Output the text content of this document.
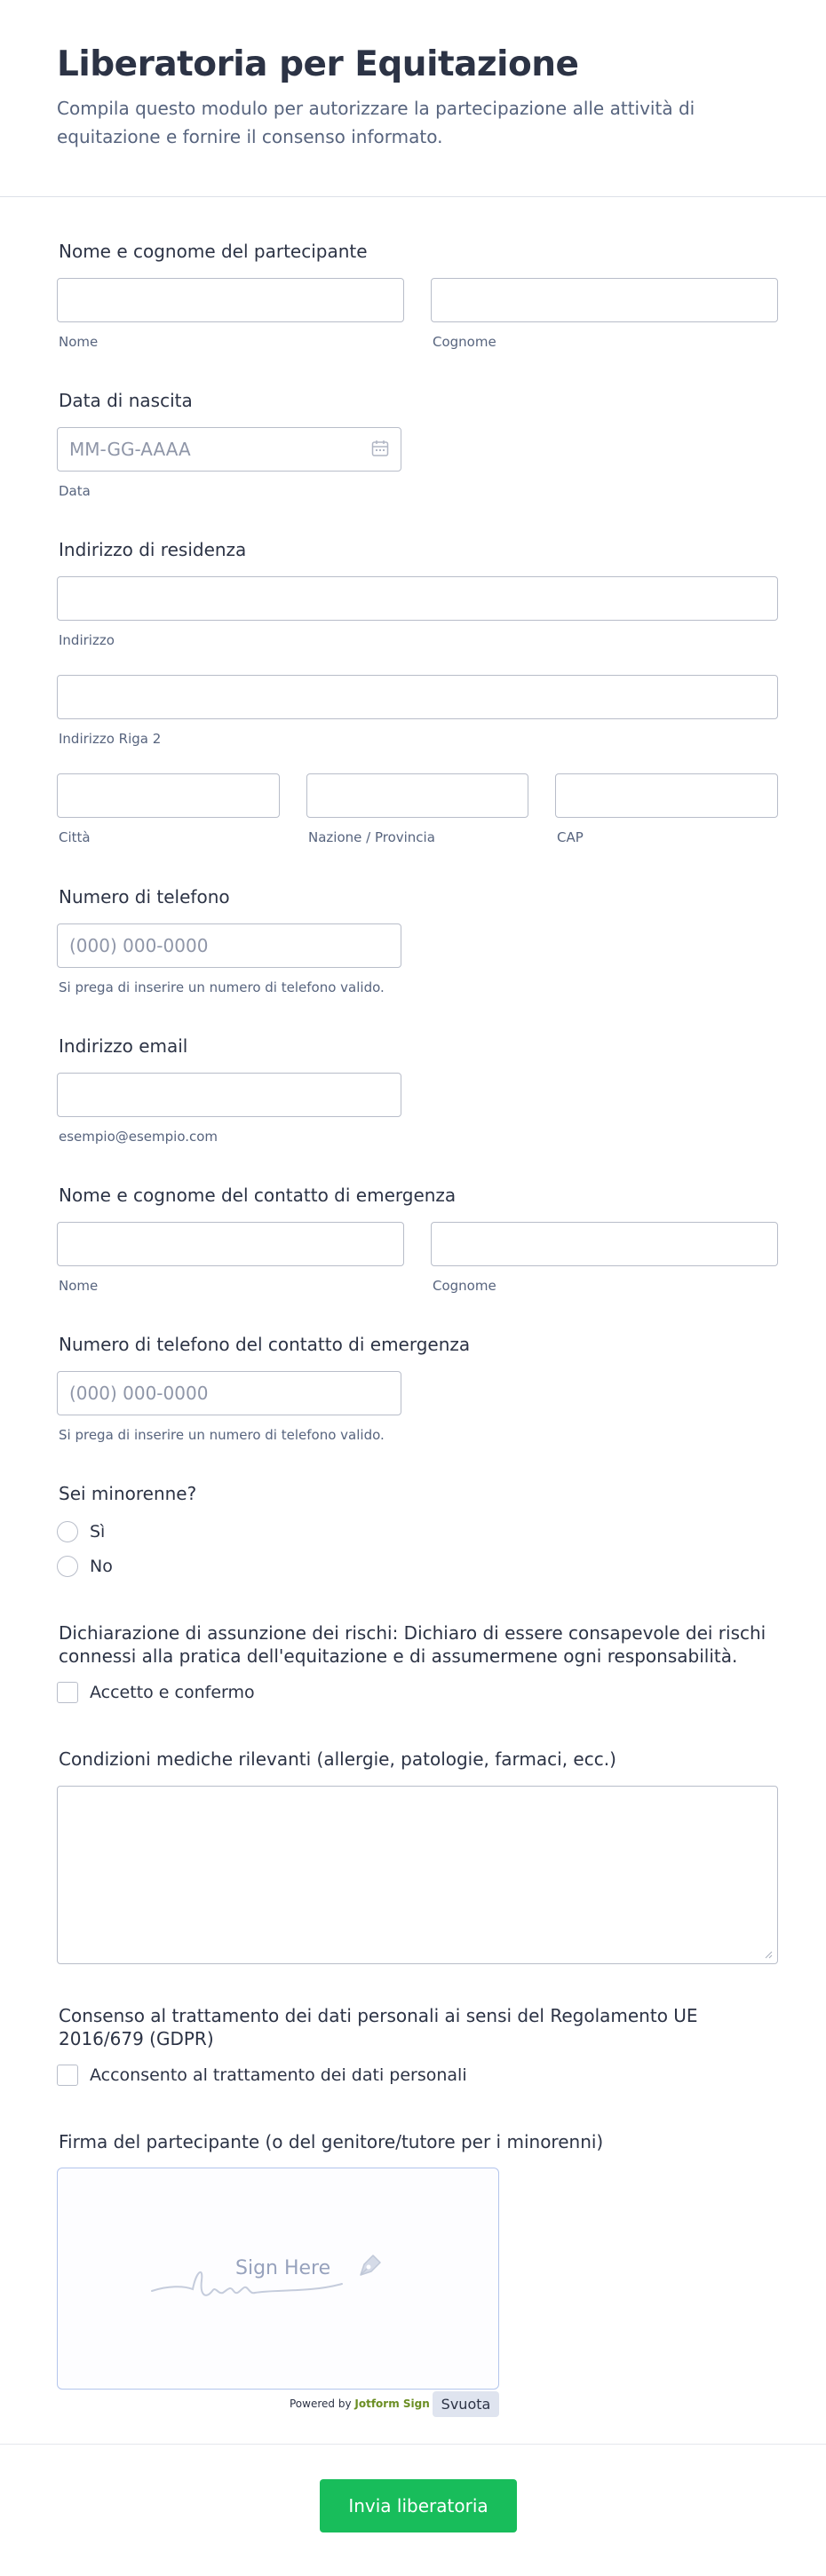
Liberatoria per Equitazione

Compila questo modulo per autorizzare la partecipazione alle attività di equitazione e fornire il consenso informato.

Nome e cognome del partecipante
Nome	Cognome
Data di nascita
MM-GG-AAAA
Data
Indirizzo di residenza
Indirizzo
Indirizzo Riga 2
Città	Nazione / Provincia	CAP
Numero di telefono
(000) 000-0000
Si prega di inserire un numero di telefono valido.
Indirizzo email
esempio@esempio.com
Nome e cognome del contatto di emergenza
Nome	Cognome
Numero di telefono del contatto di emergenza
(000) 000-0000
Si prega di inserire un numero di telefono valido.
Sei minorenne?
Sì
No
Dichiarazione di assunzione dei rischi: Dichiaro di essere consapevole dei rischi connessi alla pratica dell'equitazione e di assumermene ogni responsabilità.
Accetto e confermo
Condizioni mediche rilevanti (allergie, patologie, farmaci, ecc.)
Consenso al trattamento dei dati personali ai sensi del Regolamento UE 2016/679 (GDPR)
Acconsento al trattamento dei dati personali
Firma del partecipante (o del genitore/tutore per i minorenni)
Sign Here
Powered by Jotform Sign Svuota
Invia liberatoria
